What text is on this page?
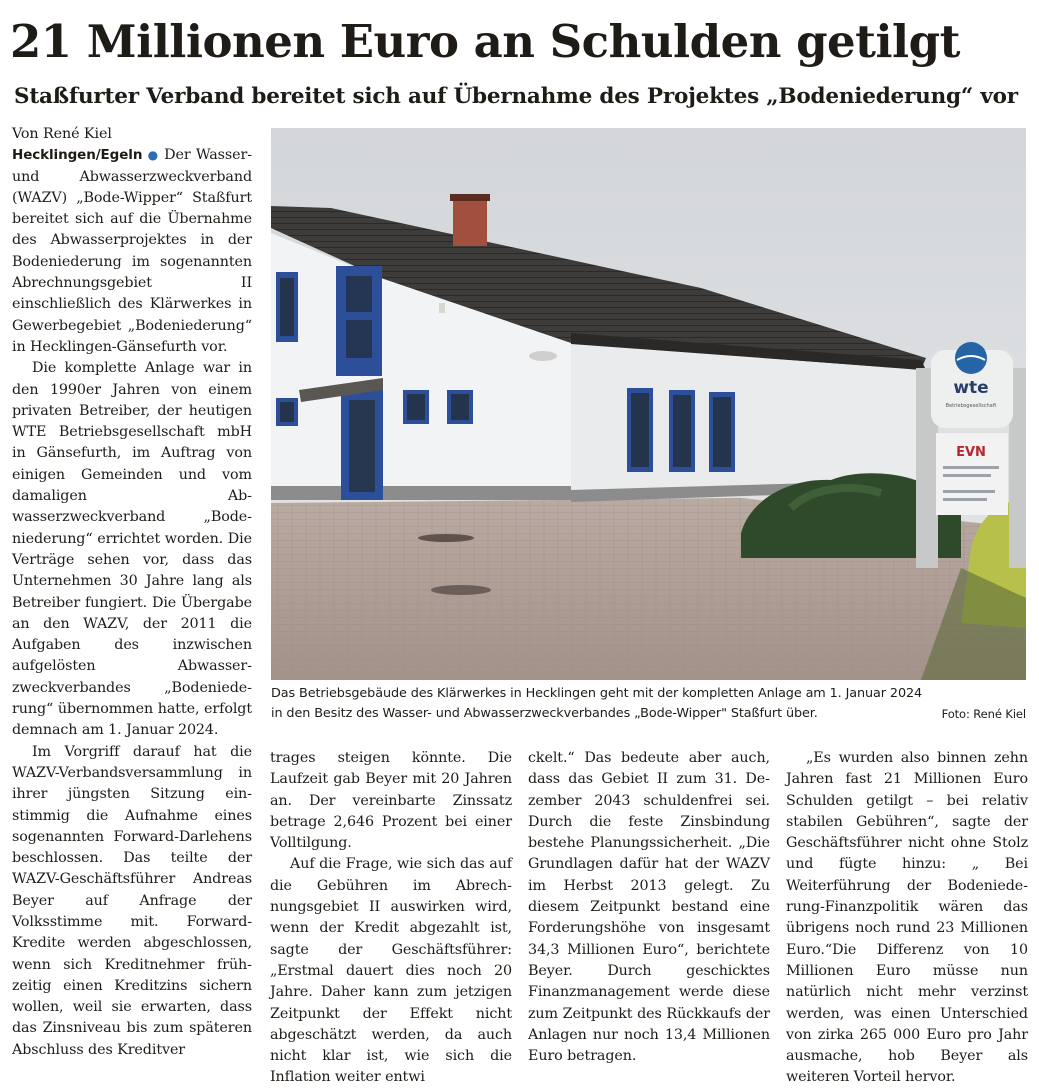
21 Millionen Euro an Schulden getilgt
Staßfurter Verband bereitet sich auf Übernahme des Projektes „Bodeniederung“ vor

Von René Kiel

Hecklingen/Egeln ● Der Wasser- und Abwasserzweckverband (WAZV) „Bode-Wipper“ Staßfurt bereitet sich auf die Übernahme des Abwasserprojektes in der Bodeniederung im sogenannten Abrechnungsgebiet II einschließlich des Klärwerkes in Gewerbegebiet „Bodeniederung“ in Hecklingen-Gänsefurth vor.

Die komplette Anlage war in den 1990er Jahren von einem privaten Betreiber, der heutigen WTE Betriebsgesellschaft mbH in Gänsefurth, im Auftrag von einigen Gemeinden und vom damaligen Abwasserzweckverband „Bodeniederung“ errichtet worden. Die Verträge sehen vor, dass das Unternehmen 30 Jahre lang als Betreiber fungiert. Die Übergabe an den WAZV, der 2011 die Aufgaben des inzwischen aufgelösten Abwasserzweckverbandes „Bodeniederung“ übernommen hatte, erfolgt demnach am 1. Januar 2024.

Im Vorgriff darauf hat die WAZV-Verbandsversammlung in ihrer jüngsten Sitzung einstimmig die Aufnahme eines sogenannten Forward-Darlehens beschlossen. Das teilte der WAZV-Geschäftsführer Andreas Beyer auf Anfrage der Volksstimme mit. Forward-Kredite werden abgeschlossen, wenn sich Kreditnehmer frühzeitig einen Kreditzins sichern wollen, weil sie erwarten, dass das Zinsniveau bis zum späteren Abschluss des Kreditver

wte
Betriebsgesellschaft
EVN
Das Betriebsgebäude des Klärwerkes in Hecklingen geht mit der kompletten Anlage am 1. Januar 2024
in den Besitz des Wasser- und Abwasserzweckverbandes „Bode-Wipper" Staßfurt über.	Foto: René Kiel

trages steigen könnte. Die Laufzeit gab Beyer mit 20 Jahren an. Der vereinbarte Zinssatz betrage 2,646 Prozent bei einer Volltilgung.

Auf die Frage, wie sich das auf die Gebühren im Abrechnungsgebiet II auswirken wird, wenn der Kredit abgezahlt ist, sagte der Geschäftsführer: „Erstmal dauert dies noch 20 Jahre. Daher kann zum jetzigen Zeitpunkt der Effekt nicht abgeschätzt werden, da auch nicht klar ist, wie sich die Inflation weiter entwi

ckelt.“ Das bedeute aber auch, dass das Gebiet II zum 31. Dezember 2043 schuldenfrei sei. Durch die feste Zinsbindung bestehe Planungssicherheit. „Die Grundlagen dafür hat der WAZV im Herbst 2013 gelegt. Zu diesem Zeitpunkt bestand eine Forderungshöhe von insgesamt 34,3 Millionen Euro“, berichtete Beyer. Durch geschicktes Finanzmanagement werde diese zum Zeitpunkt des Rückkaufs der Anlagen nur noch 13,4 Millionen Euro betragen.

„Es wurden also binnen zehn Jahren fast 21 Millionen Euro Schulden getilgt – bei relativ stabilen Gebühren“, sagte der Geschäftsführer nicht ohne Stolz und fügte hinzu: „ Bei Weiterführung der Bodeniederung-Finanzpolitik wären das übrigens noch rund 23 Millionen Euro.“Die Differenz von 10 Millionen Euro müsse nun natürlich nicht mehr verzinst werden, was einen Unterschied von zirka 265 000 Euro pro Jahr ausmache, hob Beyer als weiteren Vorteil hervor.
